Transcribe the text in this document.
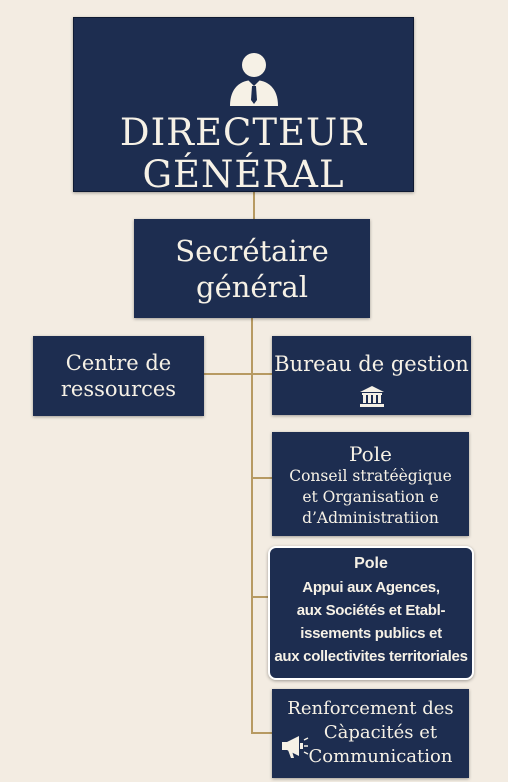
DIRECTEUR
GÉNÉRAL
Secrétaire
général
Centre de
ressources
Bureau de gestion
Pole
Conseil stratéègique
et Organisation e
d’Administratiion
Pole
Appui aux Agences,
aux Sociétés et Etabl-
issements publics et
aux collectivites territoriales
Renforcement des
Càpacités et
Communication
